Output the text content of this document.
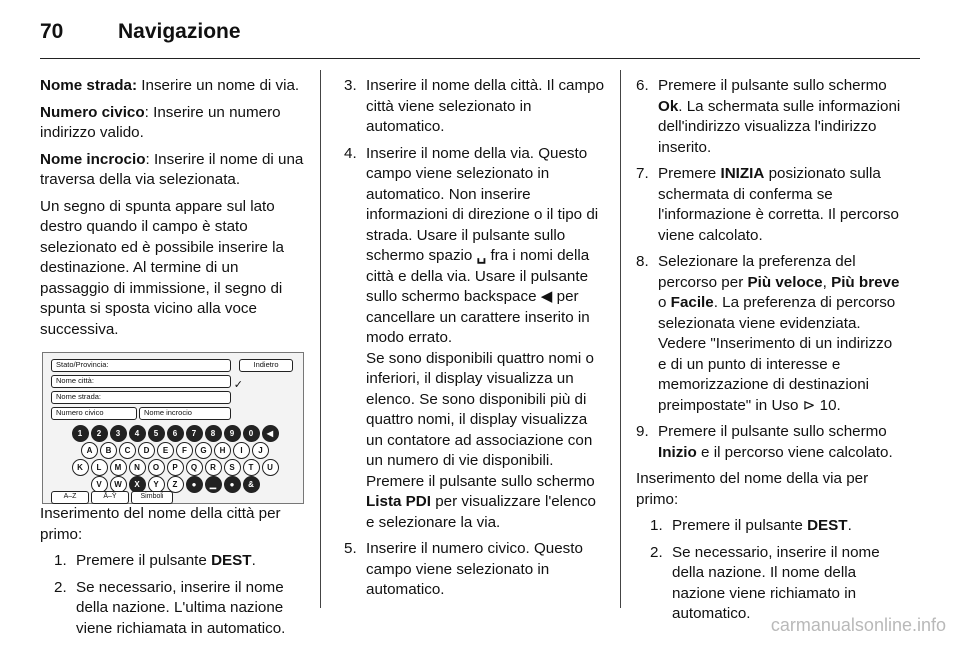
70	Navigazione

Nome strada: Inserire un nome di via.

Numero civico: Inserire un numero indirizzo valido.

Nome incrocio: Inserire il nome di una traversa della via selezionata.

Un segno di spunta appare sul lato destro quando il campo è stato selezionato ed è possibile inserire la destinazione. Al termine di un passaggio di immissione, il segno di spunta si sposta vicino alla voce successiva.

Stato/Provincia:	Indietro
Nome città:	✓
Nome strada:
Numero civico	Nome incrocio
1	2	3	4	5	6	7	8	9	0	◀
A	B	C	D	E	F	G	H	I	J
K	L	M	N	O	P	Q	R	S	T	U
V	W	X	Y	Z	●	▁	●	&
A–Z	Ā–Ÿ	Simboli

Inserimento del nome della città per primo:

1. Premere il pulsante DEST.
2. Se necessario, inserire il nome della nazione. L'ultima nazione viene richiamata in automatico.
3. Inserire il nome della città. Il campo città viene selezionato in automatico.
4. Inserire il nome della via. Questo campo viene selezionato in automatico. Non inserire informazioni di direzione o il tipo di strada. Usare il pulsante sullo schermo spazio ␣ fra i nomi della città e della via. Usare il pulsante sullo schermo backspace ◀ per cancellare un carattere inserito in modo errato.

Se sono disponibili quattro nomi o inferiori, il display visualizza un elenco. Se sono disponibili più di quattro nomi, il display visualizza un contatore ad associazione con un numero di vie disponibili. Premere il pulsante sullo schermo Lista PDI per visualizzare l'elenco e selezionare la via.

5. Inserire il numero civico. Questo campo viene selezionato in automatico.
6. Premere il pulsante sullo schermo Ok. La schermata sulle informazioni dell'indirizzo visualizza l'indirizzo inserito.
7. Premere INIZIA posizionato sulla schermata di conferma se l'informazione è corretta. Il percorso viene calcolato.
8. Selezionare la preferenza del percorso per Più veloce, Più breve o Facile. La preferenza di percorso selezionata viene evidenziata. Vedere "Inserimento di un indirizzo e di un punto di interesse e memorizzazione di destinazioni preimpostate" in Uso ⊳ 10.
9. Premere il pulsante sullo schermo Inizio e il percorso viene calcolato.

Inserimento del nome della via per primo:

1. Premere il pulsante DEST.
2. Se necessario, inserire il nome della nazione. Il nome della nazione viene richiamato in automatico.
carmanualsonline.info
